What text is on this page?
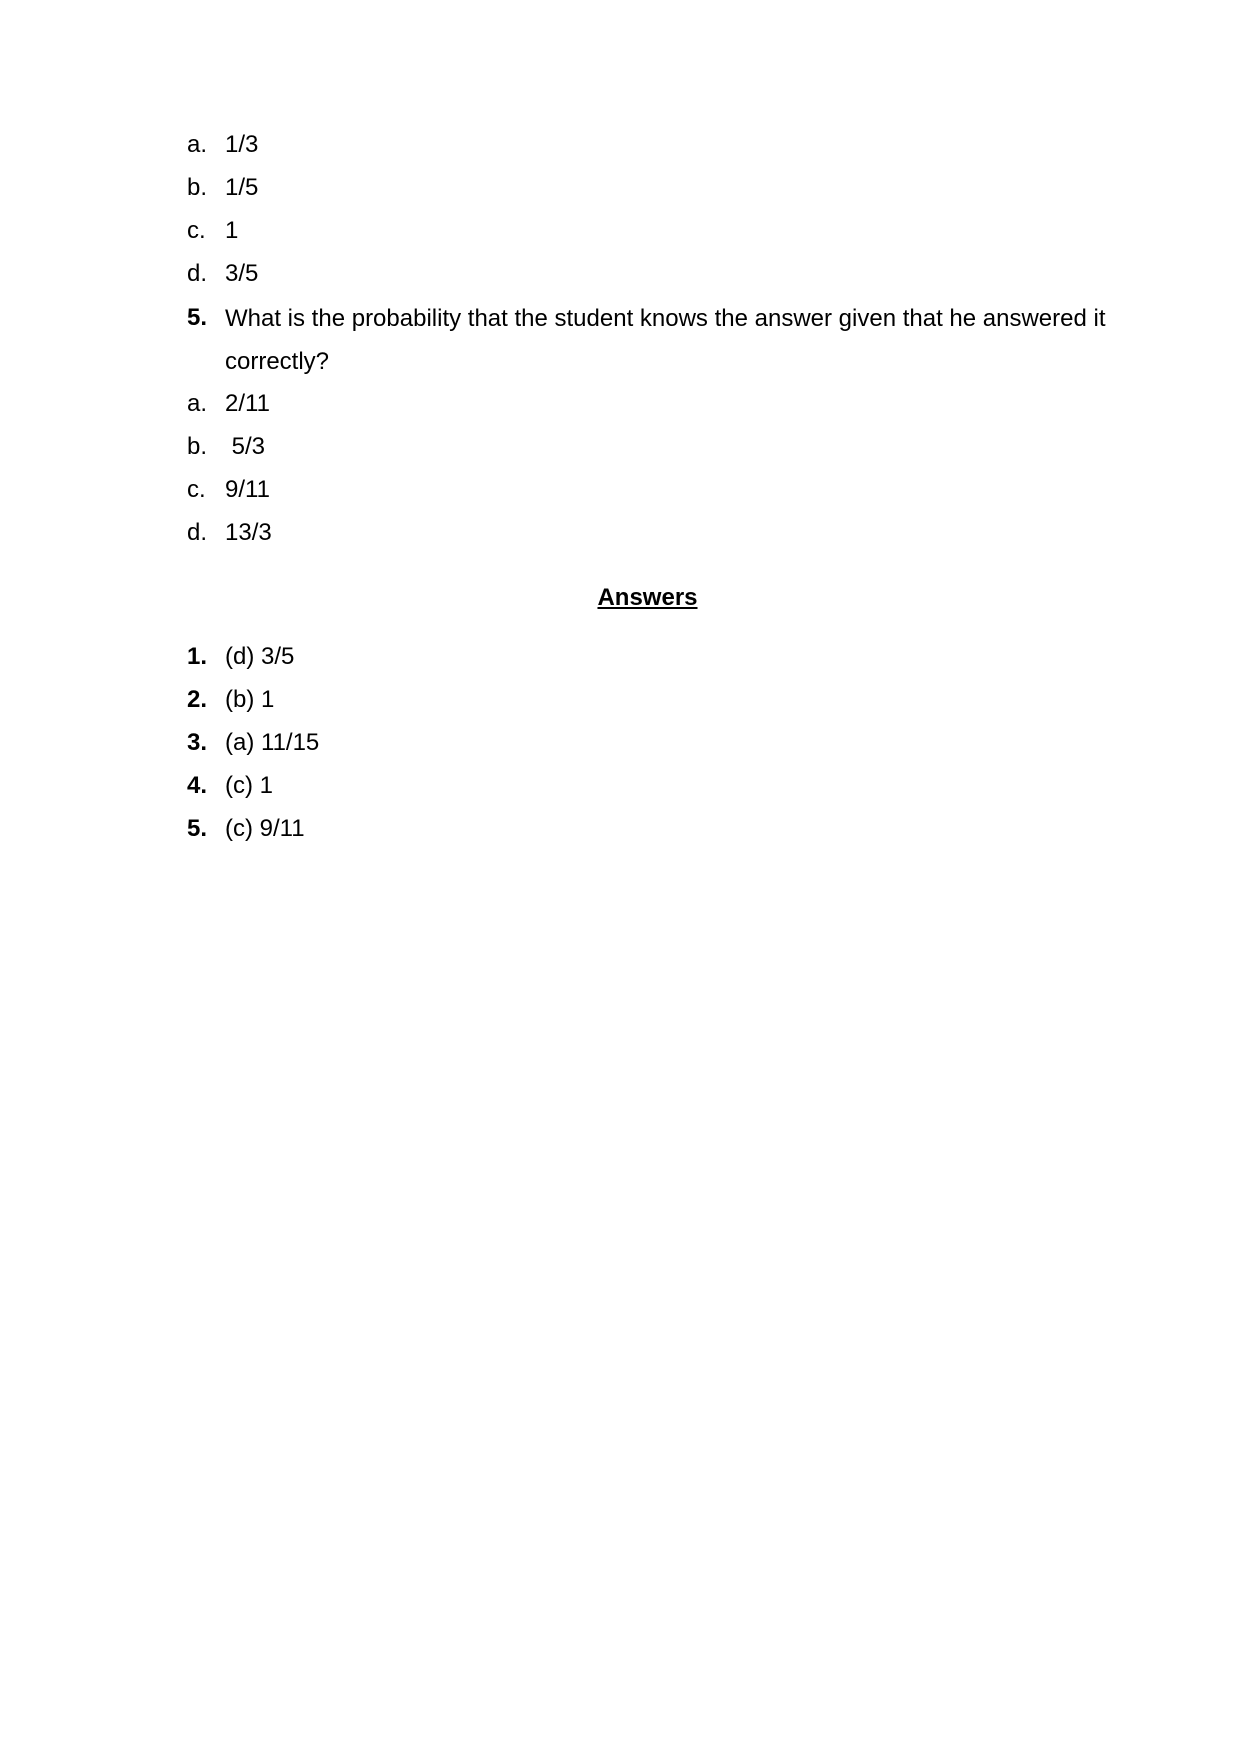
a. 1/3
b. 1/5
c. 1
d. 3/5
5. What is the probability that the student knows the answer given that he answered it correctly?
a. 2/11
b. 5/3
c. 9/11
d. 13/3
Answers
1. (d) 3/5
2. (b) 1
3. (a) 11/15
4. (c) 1
5. (c) 9/11
